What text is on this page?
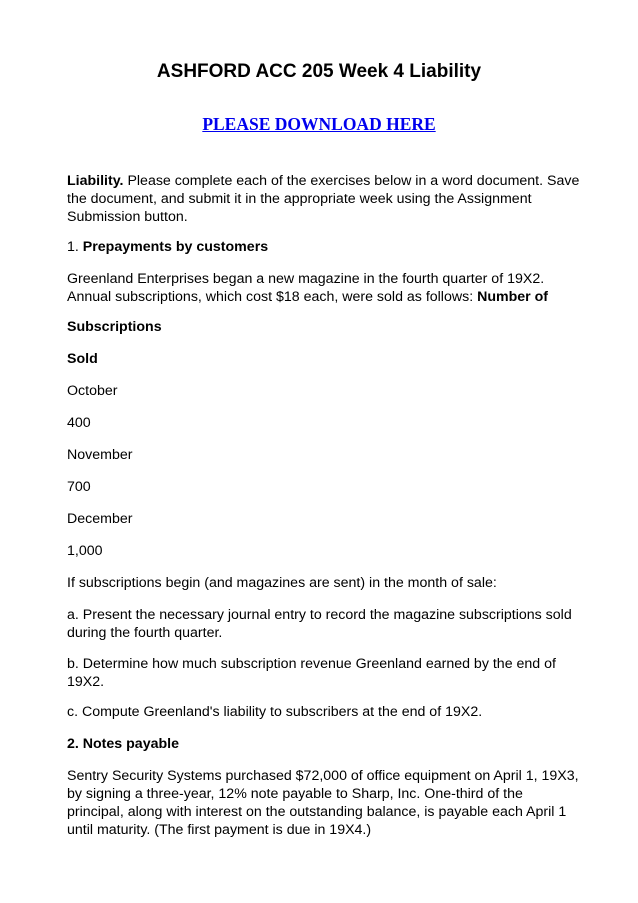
ASHFORD ACC 205 Week 4 Liability
PLEASE DOWNLOAD HERE

Liability. Please complete each of the exercises below in a word document. Save
the document, and submit it in the appropriate week using the Assignment
Submission button.

1. Prepayments by customers

Greenland Enterprises began a new magazine in the fourth quarter of 19X2.
Annual subscriptions, which cost $18 each, were sold as follows: Number of

Subscriptions

Sold

October

400

November

700

December

1,000

If subscriptions begin (and magazines are sent) in the month of sale:

a. Present the necessary journal entry to record the magazine subscriptions sold
during the fourth quarter.

b. Determine how much subscription revenue Greenland earned by the end of
19X2.

c. Compute Greenland's liability to subscribers at the end of 19X2.

2. Notes payable

Sentry Security Systems purchased $72,000 of office equipment on April 1, 19X3,
by signing a three-year, 12% note payable to Sharp, Inc. One-third of the
principal, along with interest on the outstanding balance, is payable each April 1
until maturity. (The first payment is due in 19X4.)
